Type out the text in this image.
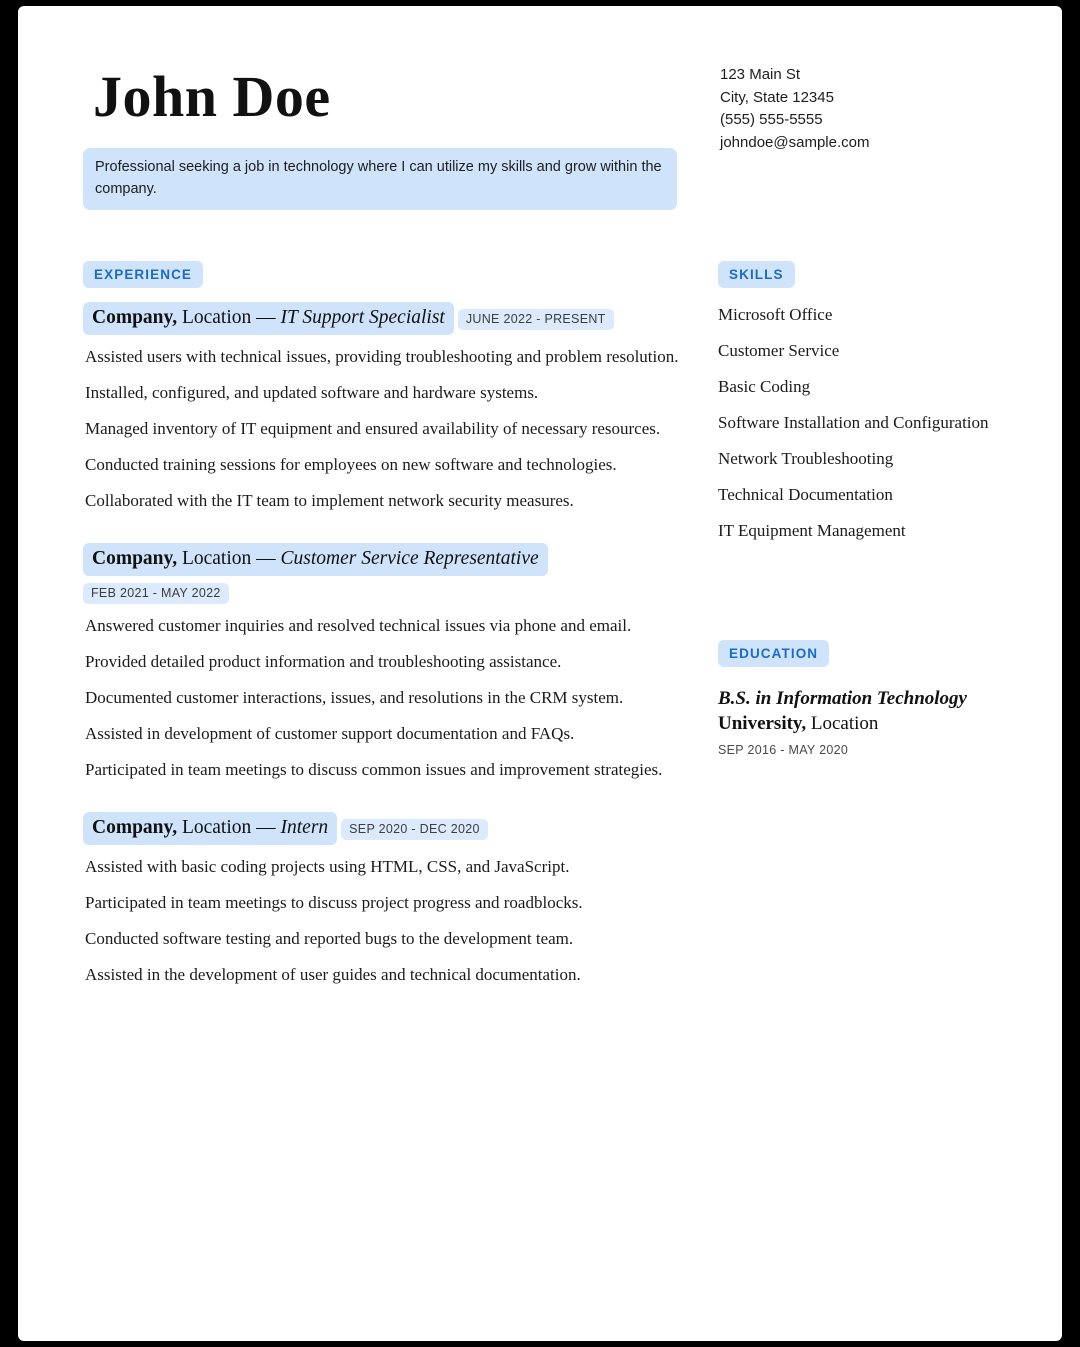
John Doe
Professional seeking a job in technology where I can utilize my skills and grow within the company.
123 Main St
City, State 12345
(555) 555-5555
johndoe@sample.com
EXPERIENCE
Company, Location — IT Support Specialist JUNE 2022 - PRESENT
Assisted users with technical issues, providing troubleshooting and problem resolution.
Installed, configured, and updated software and hardware systems.
Managed inventory of IT equipment and ensured availability of necessary resources.
Conducted training sessions for employees on new software and technologies.
Collaborated with the IT team to implement network security measures.
Company, Location — Customer Service Representative FEB 2021 - MAY 2022
Answered customer inquiries and resolved technical issues via phone and email.
Provided detailed product information and troubleshooting assistance.
Documented customer interactions, issues, and resolutions in the CRM system.
Assisted in development of customer support documentation and FAQs.
Participated in team meetings to discuss common issues and improvement strategies.
Company, Location — Intern SEP 2020 - DEC 2020
Assisted with basic coding projects using HTML, CSS, and JavaScript.
Participated in team meetings to discuss project progress and roadblocks.
Conducted software testing and reported bugs to the development team.
Assisted in the development of user guides and technical documentation.
SKILLS
Microsoft Office
Customer Service
Basic Coding
Software Installation and Configuration
Network Troubleshooting
Technical Documentation
IT Equipment Management
EDUCATION
B.S. in Information Technology
University, Location
SEP 2016 - MAY 2020
